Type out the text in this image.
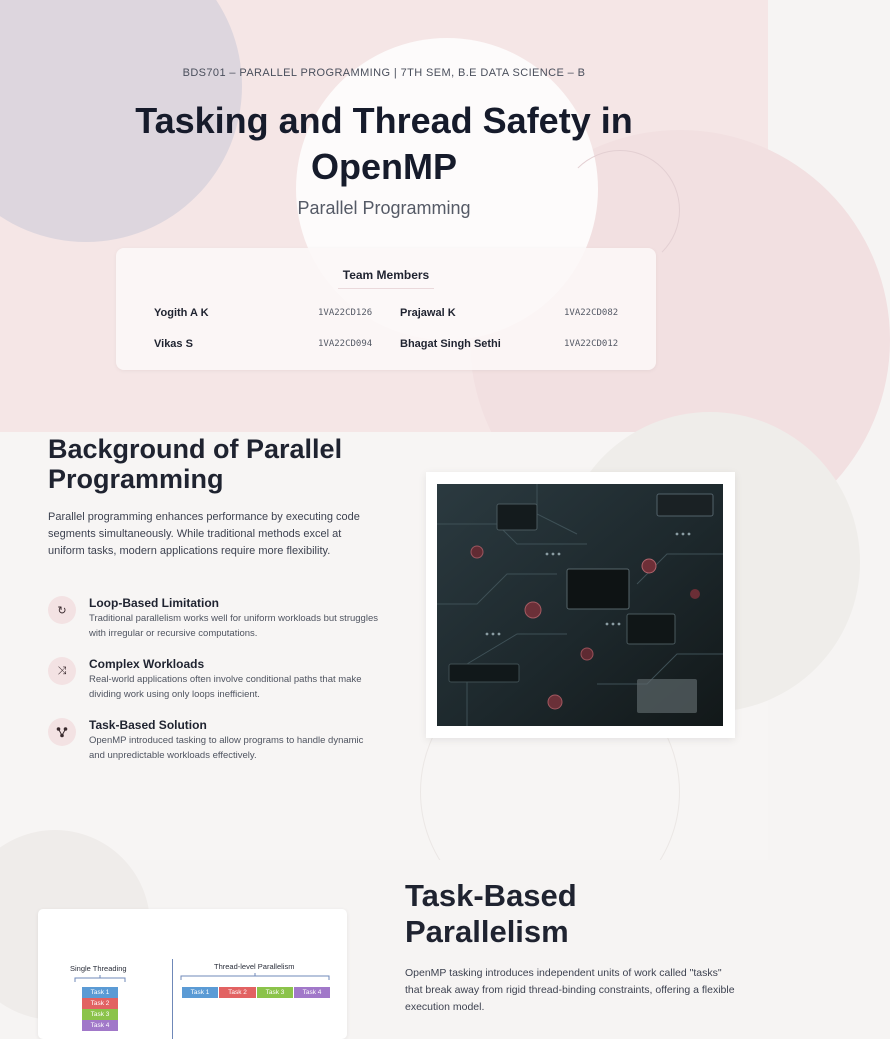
BDS701 – PARALLEL PROGRAMMING | 7TH SEM, B.E DATA SCIENCE – B
Tasking and Thread Safety in OpenMP
Parallel Programming
Team Members
Yogith A K	1VA22CD126	Prajawal K	1VA22CD082
Vikas S	1VA22CD094	Bhagat Singh Sethi	1VA22CD012
Background of Parallel Programming

Parallel programming enhances performance by executing code segments simultaneously. While traditional methods excel at uniform tasks, modern applications require more flexibility.

↻
Loop-Based Limitation
Traditional parallelism works well for uniform workloads but struggles with irregular or recursive computations.
⤨	Complex Workloads
Real-world applications often involve conditional paths that make dividing work using only loops inefficient.
Task-Based Solution
OpenMP introduced tasking to allow programs to handle dynamic and unpredictable workloads effectively.
Single Threading	Thread-level Parallelism
Task 1
Task 2
Task 3
Task 4
Task 1	Task 2	Task 3	Task 4
Task-Based Parallelism

OpenMP tasking introduces independent units of work called "tasks" that break away from rigid thread-binding constraints, offering a flexible execution model.
